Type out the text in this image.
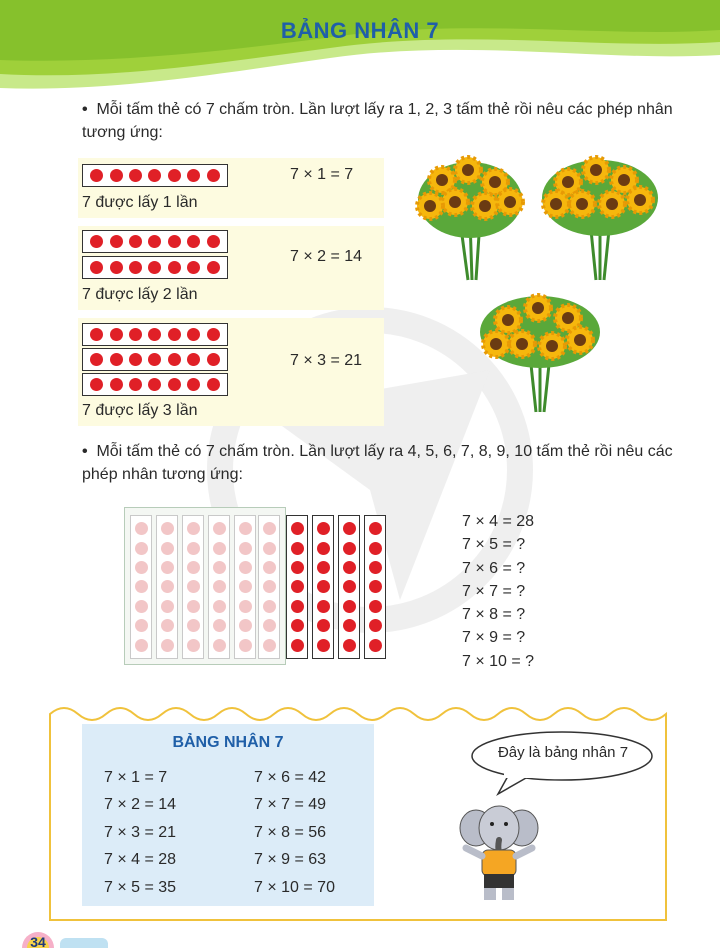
BẢNG NHÂN 7
• Mỗi tấm thẻ có 7 chấm tròn. Lần lượt lấy ra 1, 2, 3 tấm thẻ rồi nêu các phép nhân tương ứng:
7 được lấy 1 lần
7 × 1 = 7
7 được lấy 2 lần
7 × 2 = 14
7 được lấy 3 lần
7 × 3 = 21
• Mỗi tấm thẻ có 7 chấm tròn. Lần lượt lấy ra 4, 5, 6, 7, 8, 9, 10 tấm thẻ rồi nêu các phép nhân tương ứng:
7 × 4 = 28
7 × 5 = ?
7 × 6 = ?
7 × 7 = ?
7 × 8 = ?
7 × 9 = ?
7 × 10 = ?
BẢNG NHÂN 7
7 × 1 = 7
7 × 2 = 14
7 × 3 = 21
7 × 4 = 28
7 × 5 = 35
7 × 6 = 42
7 × 7 = 49
7 × 8 = 56
7 × 9 = 63
7 × 10 = 70
Đây là bảng nhân 7
34
